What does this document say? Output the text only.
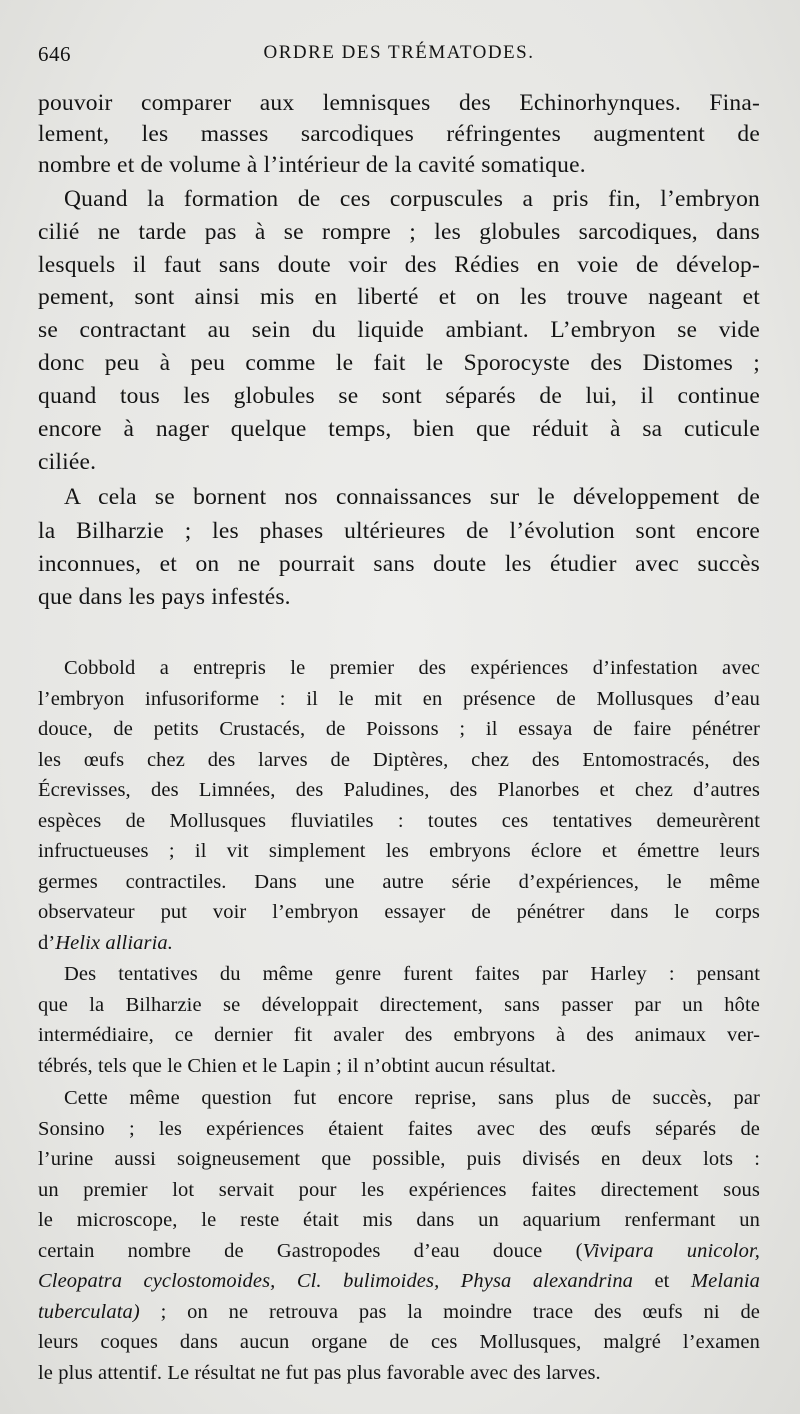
646	ORDRE DES TRÉMATODES.
pouvoir comparer aux lemnisques des Echinorhynques. Fina-
lement, les masses sarcodiques réfringentes augmentent de
nombre et de volume à l’intérieur de la cavité somatique.
Quand la formation de ces corpuscules a pris fin, l’embryon
cilié ne tarde pas à se rompre ; les globules sarcodiques, dans
lesquels il faut sans doute voir des Rédies en voie de dévelop-
pement, sont ainsi mis en liberté et on les trouve nageant et
se contractant au sein du liquide ambiant. L’embryon se vide
donc peu à peu comme le fait le Sporocyste des Distomes ;
quand tous les globules se sont séparés de lui, il continue
encore à nager quelque temps, bien que réduit à sa cuticule
ciliée.
A cela se bornent nos connaissances sur le développement de
la Bilharzie ; les phases ultérieures de l’évolution sont encore
inconnues, et on ne pourrait sans doute les étudier avec succès
que dans les pays infestés.
Cobbold a entrepris le premier des expériences d’infestation avec
l’embryon infusoriforme : il le mit en présence de Mollusques d’eau
douce, de petits Crustacés, de Poissons ; il essaya de faire pénétrer
les œufs chez des larves de Diptères, chez des Entomostracés, des
Écrevisses, des Limnées, des Paludines, des Planorbes et chez d’autres
espèces de Mollusques fluviatiles : toutes ces tentatives demeurèrent
infructueuses ; il vit simplement les embryons éclore et émettre leurs
germes contractiles. Dans une autre série d’expériences, le même
observateur put voir l’embryon essayer de pénétrer dans le corps
d’Helix alliaria.
Des tentatives du même genre furent faites par Harley : pensant
que la Bilharzie se développait directement, sans passer par un hôte
intermédiaire, ce dernier fit avaler des embryons à des animaux ver-
tébrés, tels que le Chien et le Lapin ; il n’obtint aucun résultat.
Cette même question fut encore reprise, sans plus de succès, par
Sonsino ; les expériences étaient faites avec des œufs séparés de
l’urine aussi soigneusement que possible, puis divisés en deux lots :
un premier lot servait pour les expériences faites directement sous
le microscope, le reste était mis dans un aquarium renfermant un
certain nombre de Gastropodes d’eau douce (Vivipara unicolor,
Cleopatra cyclostomoides, Cl. bulimoides, Physa alexandrina et Melania
tuberculata) ; on ne retrouva pas la moindre trace des œufs ni de
leurs coques dans aucun organe de ces Mollusques, malgré l’examen
le plus attentif. Le résultat ne fut pas plus favorable avec des larves.
